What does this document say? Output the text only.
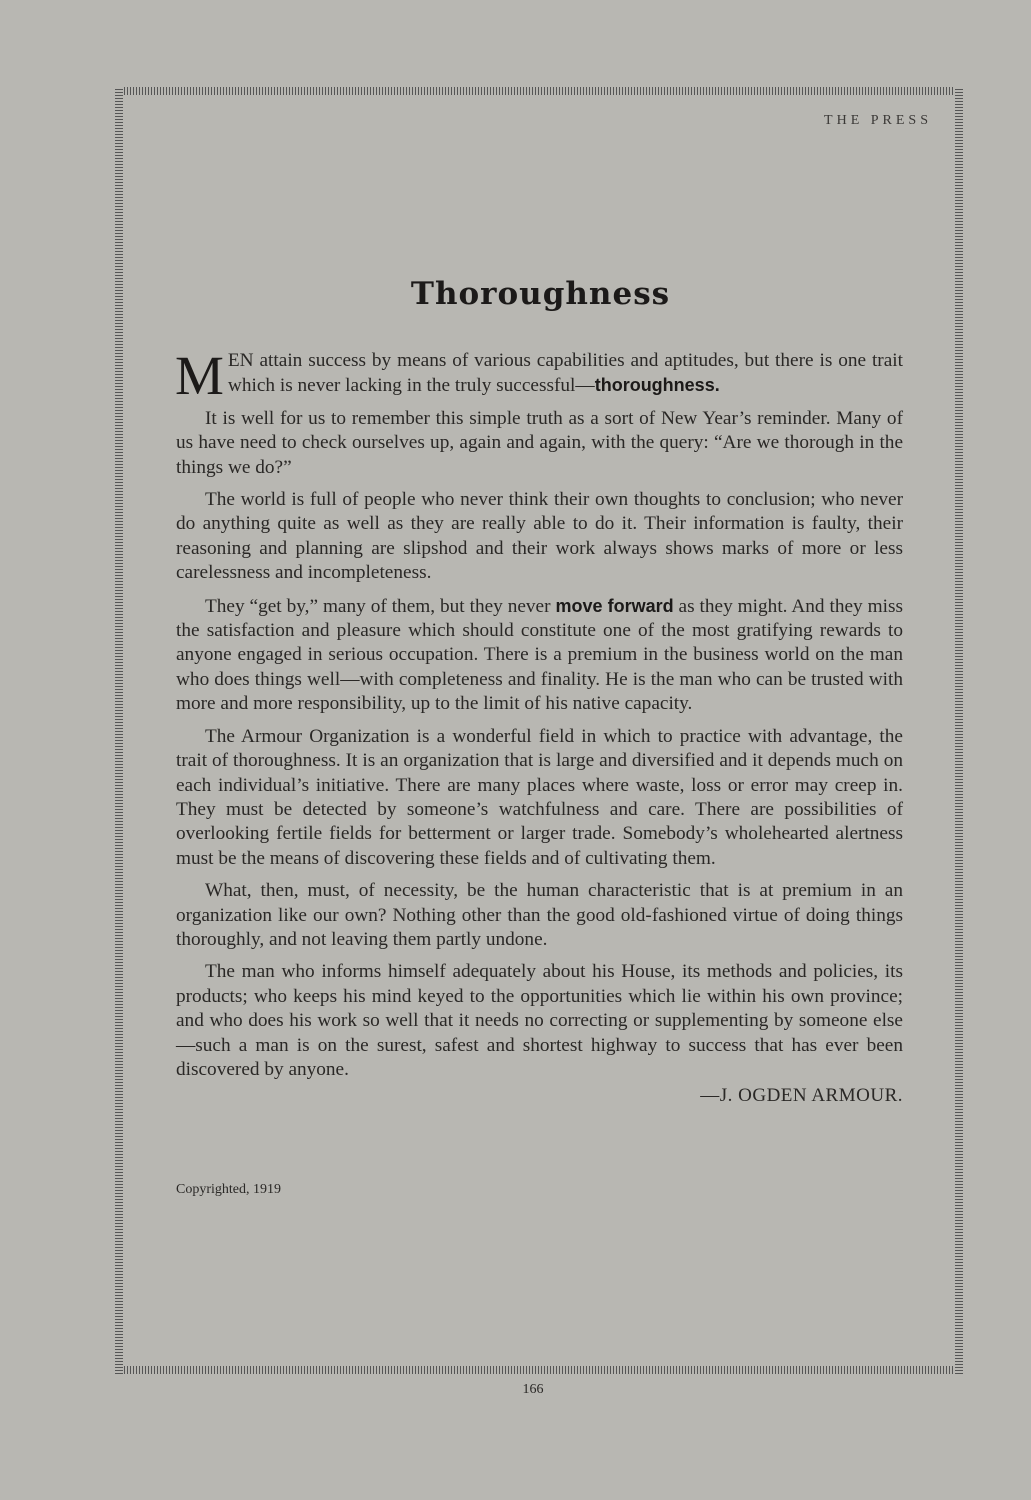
THE PRESS
Thoroughness

MEN attain success by means of various capabilities and aptitudes, but there is one trait which is never lacking in the truly successful—thoroughness.

It is well for us to remember this simple truth as a sort of New Year’s reminder. Many of us have need to check ourselves up, again and again, with the query: “Are we thorough in the things we do?”

The world is full of people who never think their own thoughts to conclusion; who never do anything quite as well as they are really able to do it. Their information is faulty, their reasoning and planning are slipshod and their work always shows marks of more or less carelessness and incompleteness.

They “get by,” many of them, but they never move forward as they might. And they miss the satisfaction and pleasure which should constitute one of the most gratifying rewards to anyone engaged in serious occupation. There is a premium in the business world on the man who does things well—with completeness and finality. He is the man who can be trusted with more and more responsibility, up to the limit of his native capacity.

The Armour Organization is a wonderful field in which to practice with advantage, the trait of thoroughness. It is an organization that is large and diversified and it depends much on each individual’s initiative. There are many places where waste, loss or error may creep in. They must be detected by someone’s watchfulness and care. There are possibilities of overlooking fertile fields for betterment or larger trade. Somebody’s wholehearted alertness must be the means of discovering these fields and of cultivating them.

What, then, must, of necessity, be the human characteristic that is at premium in an organization like our own? Nothing other than the good old-fashioned virtue of doing things thoroughly, and not leaving them partly undone.

The man who informs himself adequately about his House, its methods and policies, its products; who keeps his mind keyed to the opportunities which lie within his own province; and who does his work so well that it needs no correcting or supplementing by someone else—such a man is on the surest, safest and shortest highway to success that has ever been discovered by anyone.

—J. OGDEN ARMOUR.
Copyrighted, 1919
166
